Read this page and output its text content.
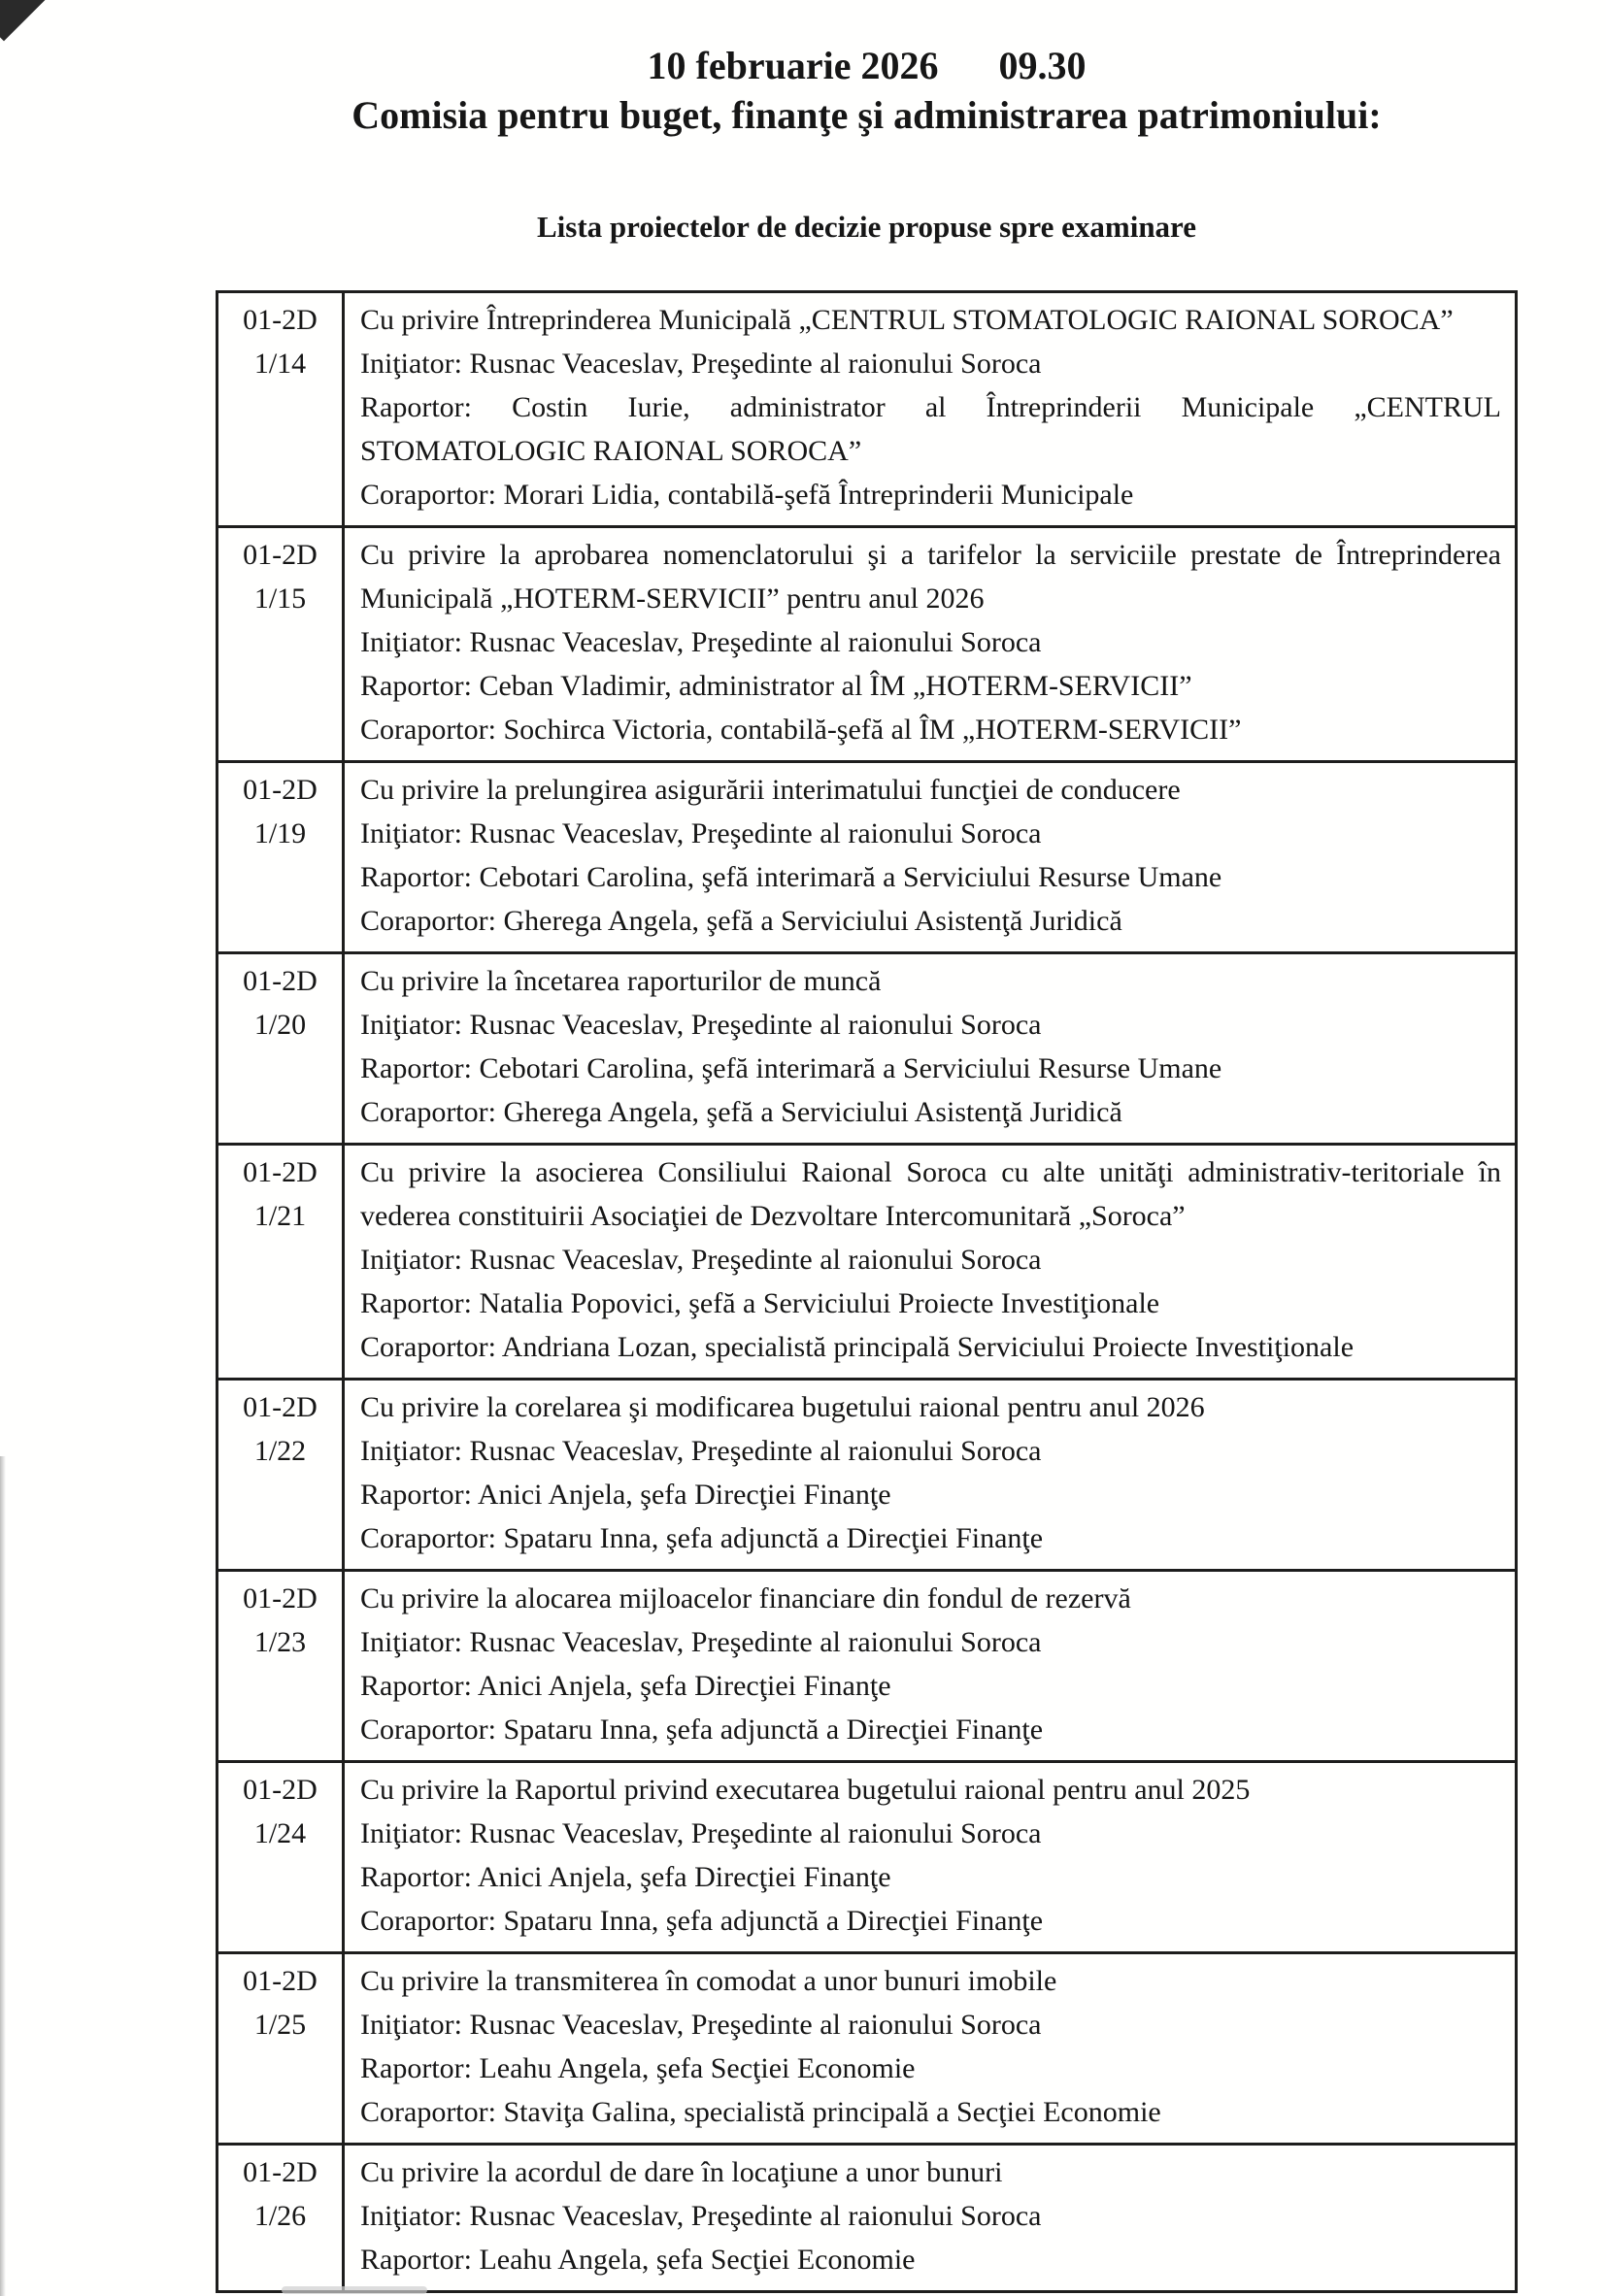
10 februarie 2026 09.30
Comisia pentru buget, finanţe şi administrarea patrimoniului:
Lista proiectelor de decizie propuse spre examinare
01-2D
1/14

Cu privire Întreprinderea Municipală „CENTRUL STOMATOLOGIC RAIONAL SOROCA”

Iniţiator: Rusnac Veaceslav, Preşedinte al raionului Soroca

Raportor: Costin Iurie, administrator al Întreprinderii Municipale „CENTRUL STOMATOLOGIC RAIONAL SOROCA”

Coraportor: Morari Lidia, contabilă-şefă Întreprinderii Municipale

01-2D
1/15

Cu privire la aprobarea nomenclatorului şi a tarifelor la serviciile prestate de Întreprinderea Municipală „HOTERM-SERVICII” pentru anul 2026

Iniţiator: Rusnac Veaceslav, Preşedinte al raionului Soroca

Raportor: Ceban Vladimir, administrator al ÎM „HOTERM-SERVICII”

Coraportor: Sochirca Victoria, contabilă-şefă al ÎM „HOTERM-SERVICII”

01-2D
1/19

Cu privire la prelungirea asigurării interimatului funcţiei de conducere

Iniţiator: Rusnac Veaceslav, Preşedinte al raionului Soroca

Raportor: Cebotari Carolina, şefă interimară a Serviciului Resurse Umane

Coraportor: Gherega Angela, şefă a Serviciului Asistenţă Juridică

01-2D
1/20

Cu privire la încetarea raporturilor de muncă

Iniţiator: Rusnac Veaceslav, Preşedinte al raionului Soroca

Raportor: Cebotari Carolina, şefă interimară a Serviciului Resurse Umane

Coraportor: Gherega Angela, şefă a Serviciului Asistenţă Juridică

01-2D
1/21

Cu privire la asocierea Consiliului Raional Soroca cu alte unităţi administrativ-teritoriale în vederea constituirii Asociaţiei de Dezvoltare Intercomunitară „Soroca”

Iniţiator: Rusnac Veaceslav, Preşedinte al raionului Soroca

Raportor: Natalia Popovici, şefă a Serviciului Proiecte Investiţionale

Coraportor: Andriana Lozan, specialistă principală Serviciului Proiecte Investiţionale

01-2D
1/22

Cu privire la corelarea şi modificarea bugetului raional pentru anul 2026

Iniţiator: Rusnac Veaceslav, Preşedinte al raionului Soroca

Raportor: Anici Anjela, şefa Direcţiei Finanţe

Coraportor: Spataru Inna, şefa adjunctă a Direcţiei Finanţe

01-2D
1/23

Cu privire la alocarea mijloacelor financiare din fondul de rezervă

Iniţiator: Rusnac Veaceslav, Preşedinte al raionului Soroca

Raportor: Anici Anjela, şefa Direcţiei Finanţe

Coraportor: Spataru Inna, şefa adjunctă a Direcţiei Finanţe

01-2D
1/24

Cu privire la Raportul privind executarea bugetului raional pentru anul 2025

Iniţiator: Rusnac Veaceslav, Preşedinte al raionului Soroca

Raportor: Anici Anjela, şefa Direcţiei Finanţe

Coraportor: Spataru Inna, şefa adjunctă a Direcţiei Finanţe

01-2D
1/25

Cu privire la transmiterea în comodat a unor bunuri imobile

Iniţiator: Rusnac Veaceslav, Preşedinte al raionului Soroca

Raportor: Leahu Angela, şefa Secţiei Economie

Coraportor: Staviţa Galina, specialistă principală a Secţiei Economie

01-2D
1/26

Cu privire la acordul de dare în locaţiune a unor bunuri

Iniţiator: Rusnac Veaceslav, Preşedinte al raionului Soroca

Raportor: Leahu Angela, şefa Secţiei Economie
